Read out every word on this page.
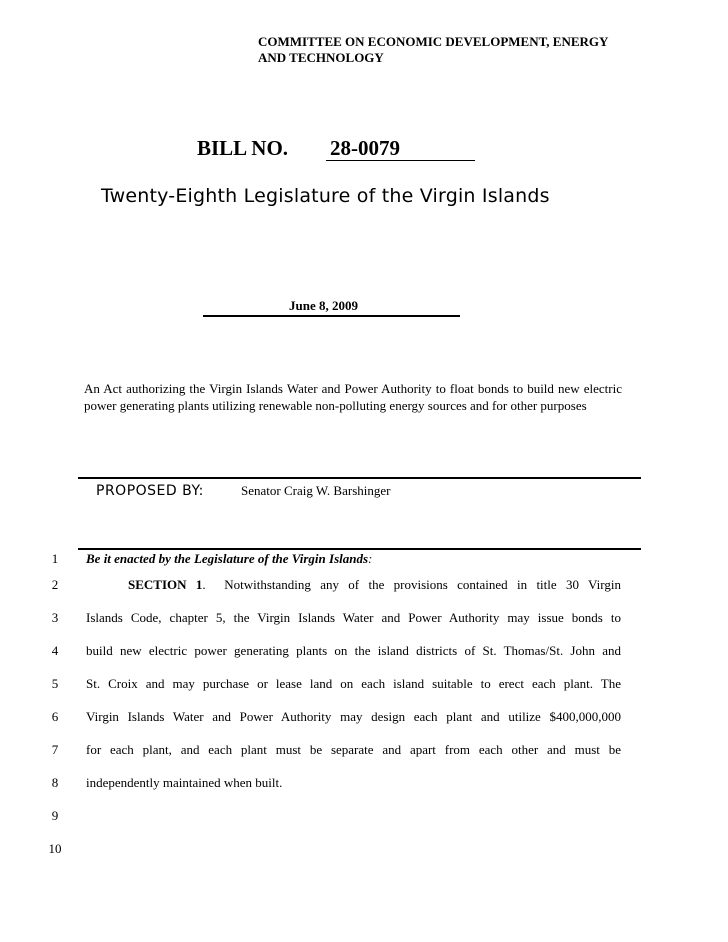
COMMITTEE ON ECONOMIC DEVELOPMENT, ENERGY
AND TECHNOLOGY
BILL NO. 28-0079
Twenty-Eighth Legislature of the Virgin Islands
June 8, 2009
An Act authorizing the Virgin Islands Water and Power Authority to float bonds to build new electric power generating plants utilizing renewable non-polluting energy sources and for other purposes
PROPOSED BY:	Senator Craig W. Barshinger
1
2
3
4
5
6
7
8
9
10
Be it enacted by the Legislature of the Virgin Islands:
SECTION 1. Notwithstanding any of the provisions contained in title 30 Virgin
Islands Code, chapter 5, the Virgin Islands Water and Power Authority may issue bonds to
build new electric power generating plants on the island districts of St. Thomas/St. John and
St. Croix and may purchase or lease land on each island suitable to erect each plant. The
Virgin Islands Water and Power Authority may design each plant and utilize $400,000,000
for each plant, and each plant must be separate and apart from each other and must be
independently maintained when built.
